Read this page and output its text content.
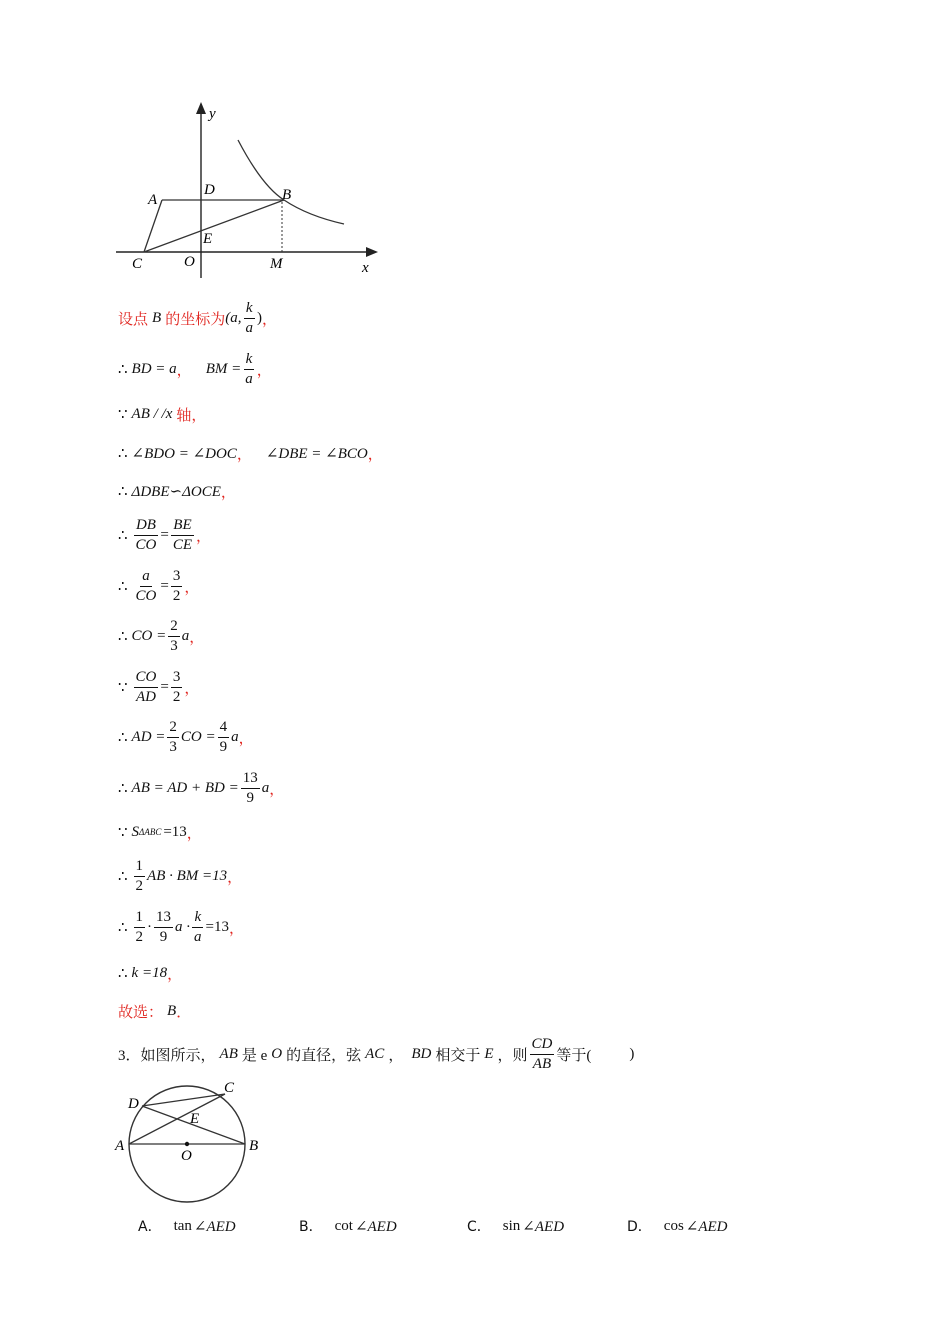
y
x
A	B
C
D
E
O	M
设点 B 的坐标为 (a, $\frac{k}{a}$ ) ，
∴ BD = a ， BM = $\frac{k}{a}$ ，
∵ AB / /x 轴 ，
∴ ∠BDO = ∠DOC ， ∠DBE = ∠BCO ，
∴ ΔDBE∽ΔOCE ，
∴ $\frac{DB}{CO} = \frac{BE}{CE}$ ，
∴ $\frac{a}{CO} = \frac{3}{2}$ ，
∴ CO = $\frac{2}{3}$ a ，
∵ $\frac{CO}{AD} = \frac{3}{2}$ ，
∴ AD = $\frac{2}{3}$ CO = $\frac{4}{9}$ a ，
∴ AB = AD + BD = $\frac{13}{9}$ a ，
∵ S ΔABC =13 ，
∴ $\frac{1}{2}$ AB · BM =13 ，
∴ $\frac{1}{2} \cdot \frac{13}{9}$ $a \cdot \frac{k}{a} =13$ ，
∴ k =18 ，
故选： B ．
3． 如图所示， AB 是 e O 的直径，弦 AC ， BD 相交于 E ，则 $\frac{CD}{AB}$ 等于(	)
A	B
C
D
E
O
A． tan ∠AED	B． cot ∠AED	C． sin ∠AED	D． cos ∠AED
